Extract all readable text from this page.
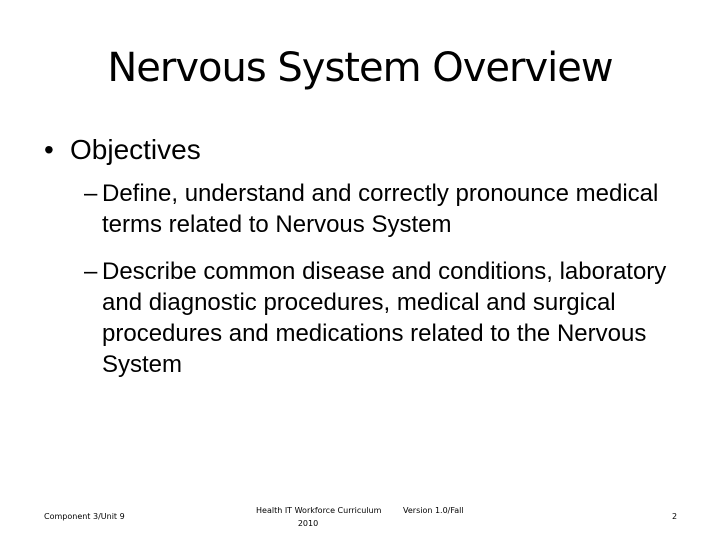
Nervous System Overview
• Objectives
– Define, understand and correctly pronounce medical terms related to Nervous System
– Describe common disease and conditions, laboratory and diagnostic procedures, medical and surgical procedures and medications related to the Nervous System
Component 3/Unit 9
Health IT Workforce Curriculum
2010
Version 1.0/Fall
2
